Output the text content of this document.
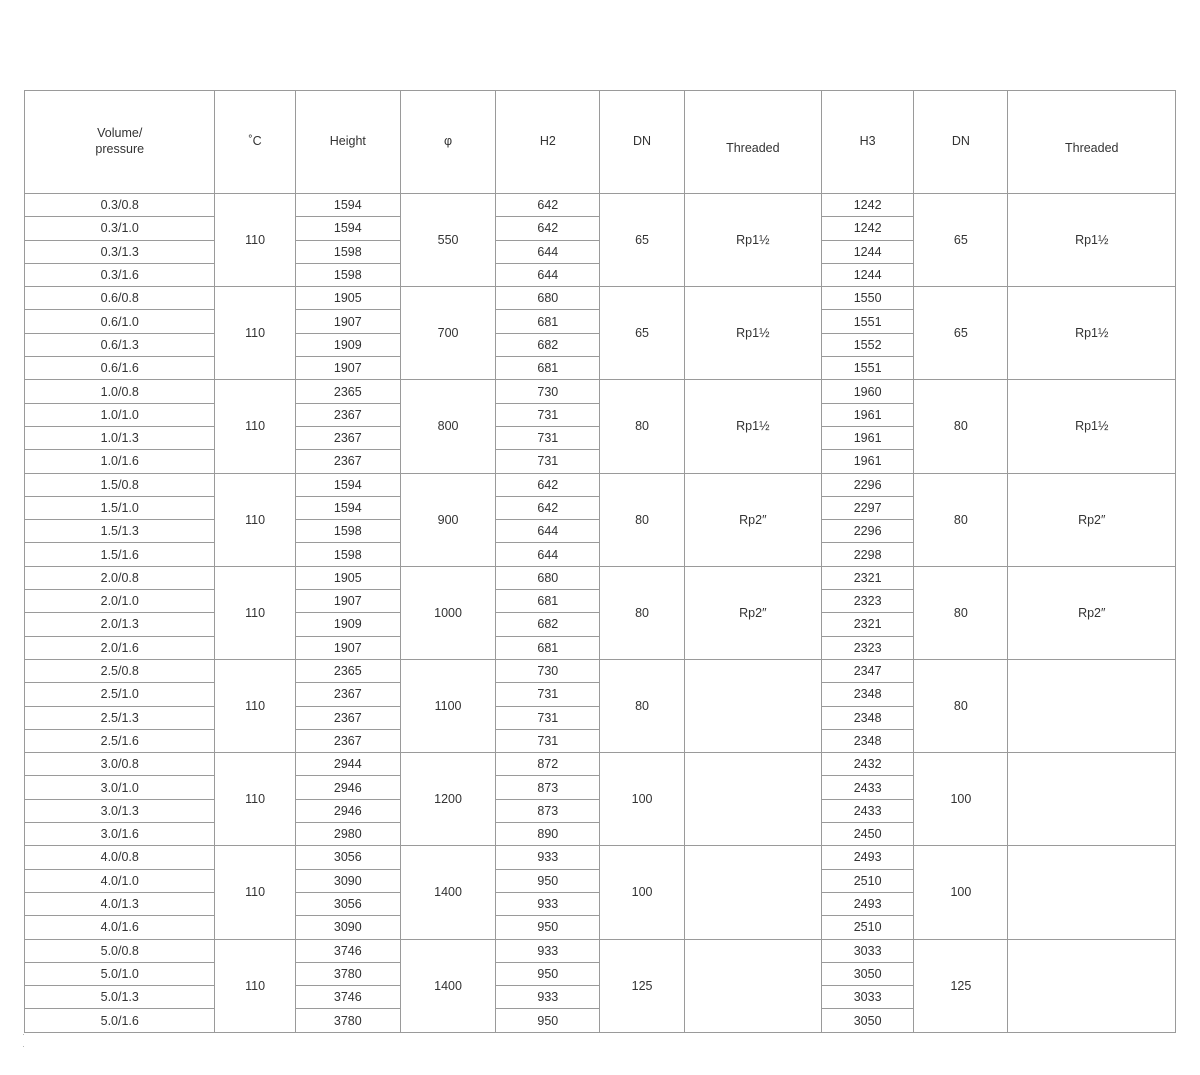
Volume/
pressure	˚C	Height	φ	H2	DN	Threaded	H3	DN	Threaded
0.3/0.8	110	1594	550	642	65	Rp1½	1242	65	Rp1½
0.3/1.0		1594		642			1242		
0.3/1.3		1598		644			1244		
0.3/1.6		1598		644			1244		
0.6/0.8	110	1905	700	680	65	Rp1½	1550	65	Rp1½
0.6/1.0		1907		681			1551		
0.6/1.3		1909		682			1552		
0.6/1.6		1907		681			1551		
1.0/0.8	110	2365	800	730	80	Rp1½	1960	80	Rp1½
1.0/1.0		2367		731			1961		
1.0/1.3		2367		731			1961		
1.0/1.6		2367		731			1961		
1.5/0.8	110	1594	900	642	80	Rp2″	2296	80	Rp2″
1.5/1.0		1594		642			2297		
1.5/1.3		1598		644			2296		
1.5/1.6		1598		644			2298		
2.0/0.8	110	1905	1000	680	80	Rp2″	2321	80	Rp2″
2.0/1.0		1907		681			2323		
2.0/1.3		1909		682			2321		
2.0/1.6		1907		681			2323		
2.5/0.8	110	2365	1100	730	80		2347	80	
2.5/1.0		2367		731			2348		
2.5/1.3		2367		731			2348		
2.5/1.6		2367		731			2348		
3.0/0.8	110	2944	1200	872	100		2432	100	
3.0/1.0		2946		873			2433		
3.0/1.3		2946		873			2433		
3.0/1.6		2980		890			2450		
4.0/0.8	110	3056	1400	933	100		2493	100	
4.0/1.0		3090		950			2510		
4.0/1.3		3056		933			2493		
4.0/1.6		3090		950			2510		
5.0/0.8	110	3746	1400	933	125		3033	125	
5.0/1.0		3780		950			3050		
5.0/1.3		3746		933			3033		
5.0/1.6		3780		950			3050		
·
·
